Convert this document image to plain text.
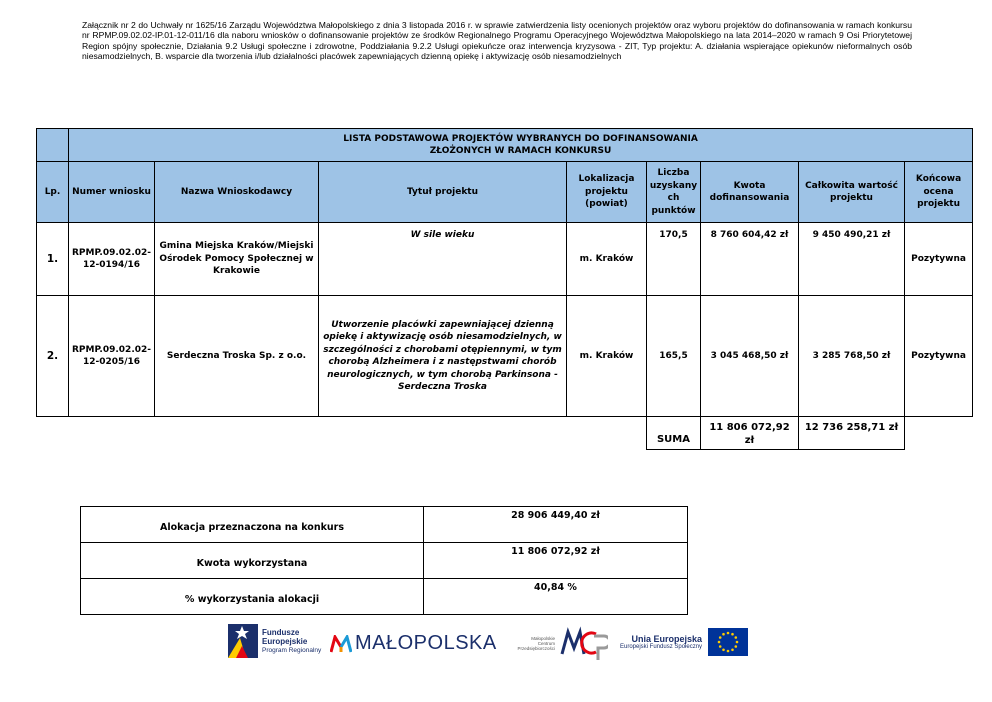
Załącznik nr 2 do Uchwały nr 1625/16 Zarządu Województwa Małopolskiego z dnia 3 listopada 2016 r. w sprawie zatwierdzenia listy ocenionych projektów oraz wyboru projektów do dofinansowania w ramach konkursu nr RPMP.09.02.02-IP.01-12-011/16 dla naboru wniosków o dofinansowanie projektów ze środków Regionalnego Programu Operacyjnego Województwa Małopolskiego na lata 2014–2020 w ramach 9 Osi Priorytetowej Region spójny społecznie, Działania 9.2 Usługi społeczne i zdrowotne, Poddziałania 9.2.2 Usługi opiekuńcze oraz interwencja kryzysowa - ZIT, Typ projektu: A. działania wspierające opiekunów nieformalnych osób niesamodzielnych, B. wsparcie dla tworzenia i/lub działalności placówek zapewniających dzienną opiekę i aktywizację osób niesamodzielnych

	LISTA PODSTAWOWA PROJEKTÓW WYBRANYCH DO DOFINANSOWANIA
ZŁOŻONYCH W RAMACH KONKURSU							

Lp.	Numer wniosku	Nazwa Wnioskodawcy	Tytuł projektu	Lokalizacja projektu (powiat)	Liczba uzyskany ch punktów	Kwota dofinansowania	Całkowita wartość projektu	Końcowa ocena projektu
1.	RPMP.09.02.02-12-0194/16	Gmina Miejska Kraków/Miejski Ośrodek Pomocy Społecznej w Krakowie	W sile wieku	m. Kraków	170,5	8 760 604,42 zł	9 450 490,21 zł	Pozytywna
2.	RPMP.09.02.02-12-0205/16	Serdeczna Troska Sp. z o.o.	Utworzenie placówki zapewniającej dzienną opiekę i aktywizację osób niesamodzielnych, w szczególności z chorobami otępiennymi, w tym chorobą Alzheimera i z następstwami chorób neurologicznych, w tym chorobą Parkinsona - Serdeczna Troska	m. Kraków	165,5	3 045 468,50 zł	3 285 768,50 zł	Pozytywna
					SUMA	11 806 072,92 zł	12 736 258,71 zł	
Alokacja przeznaczona na konkurs	28 906 449,40 zł
Kwota wykorzystana	11 806 072,92 zł
% wykorzystania alokacji	40,84 %
Fundusze
Europejskie
Program Regionalny MAŁOPOLSKA	Małopolskie Centrum Przedsiębiorczości
Unia Europejska
Europejski Fundusz Społeczny
